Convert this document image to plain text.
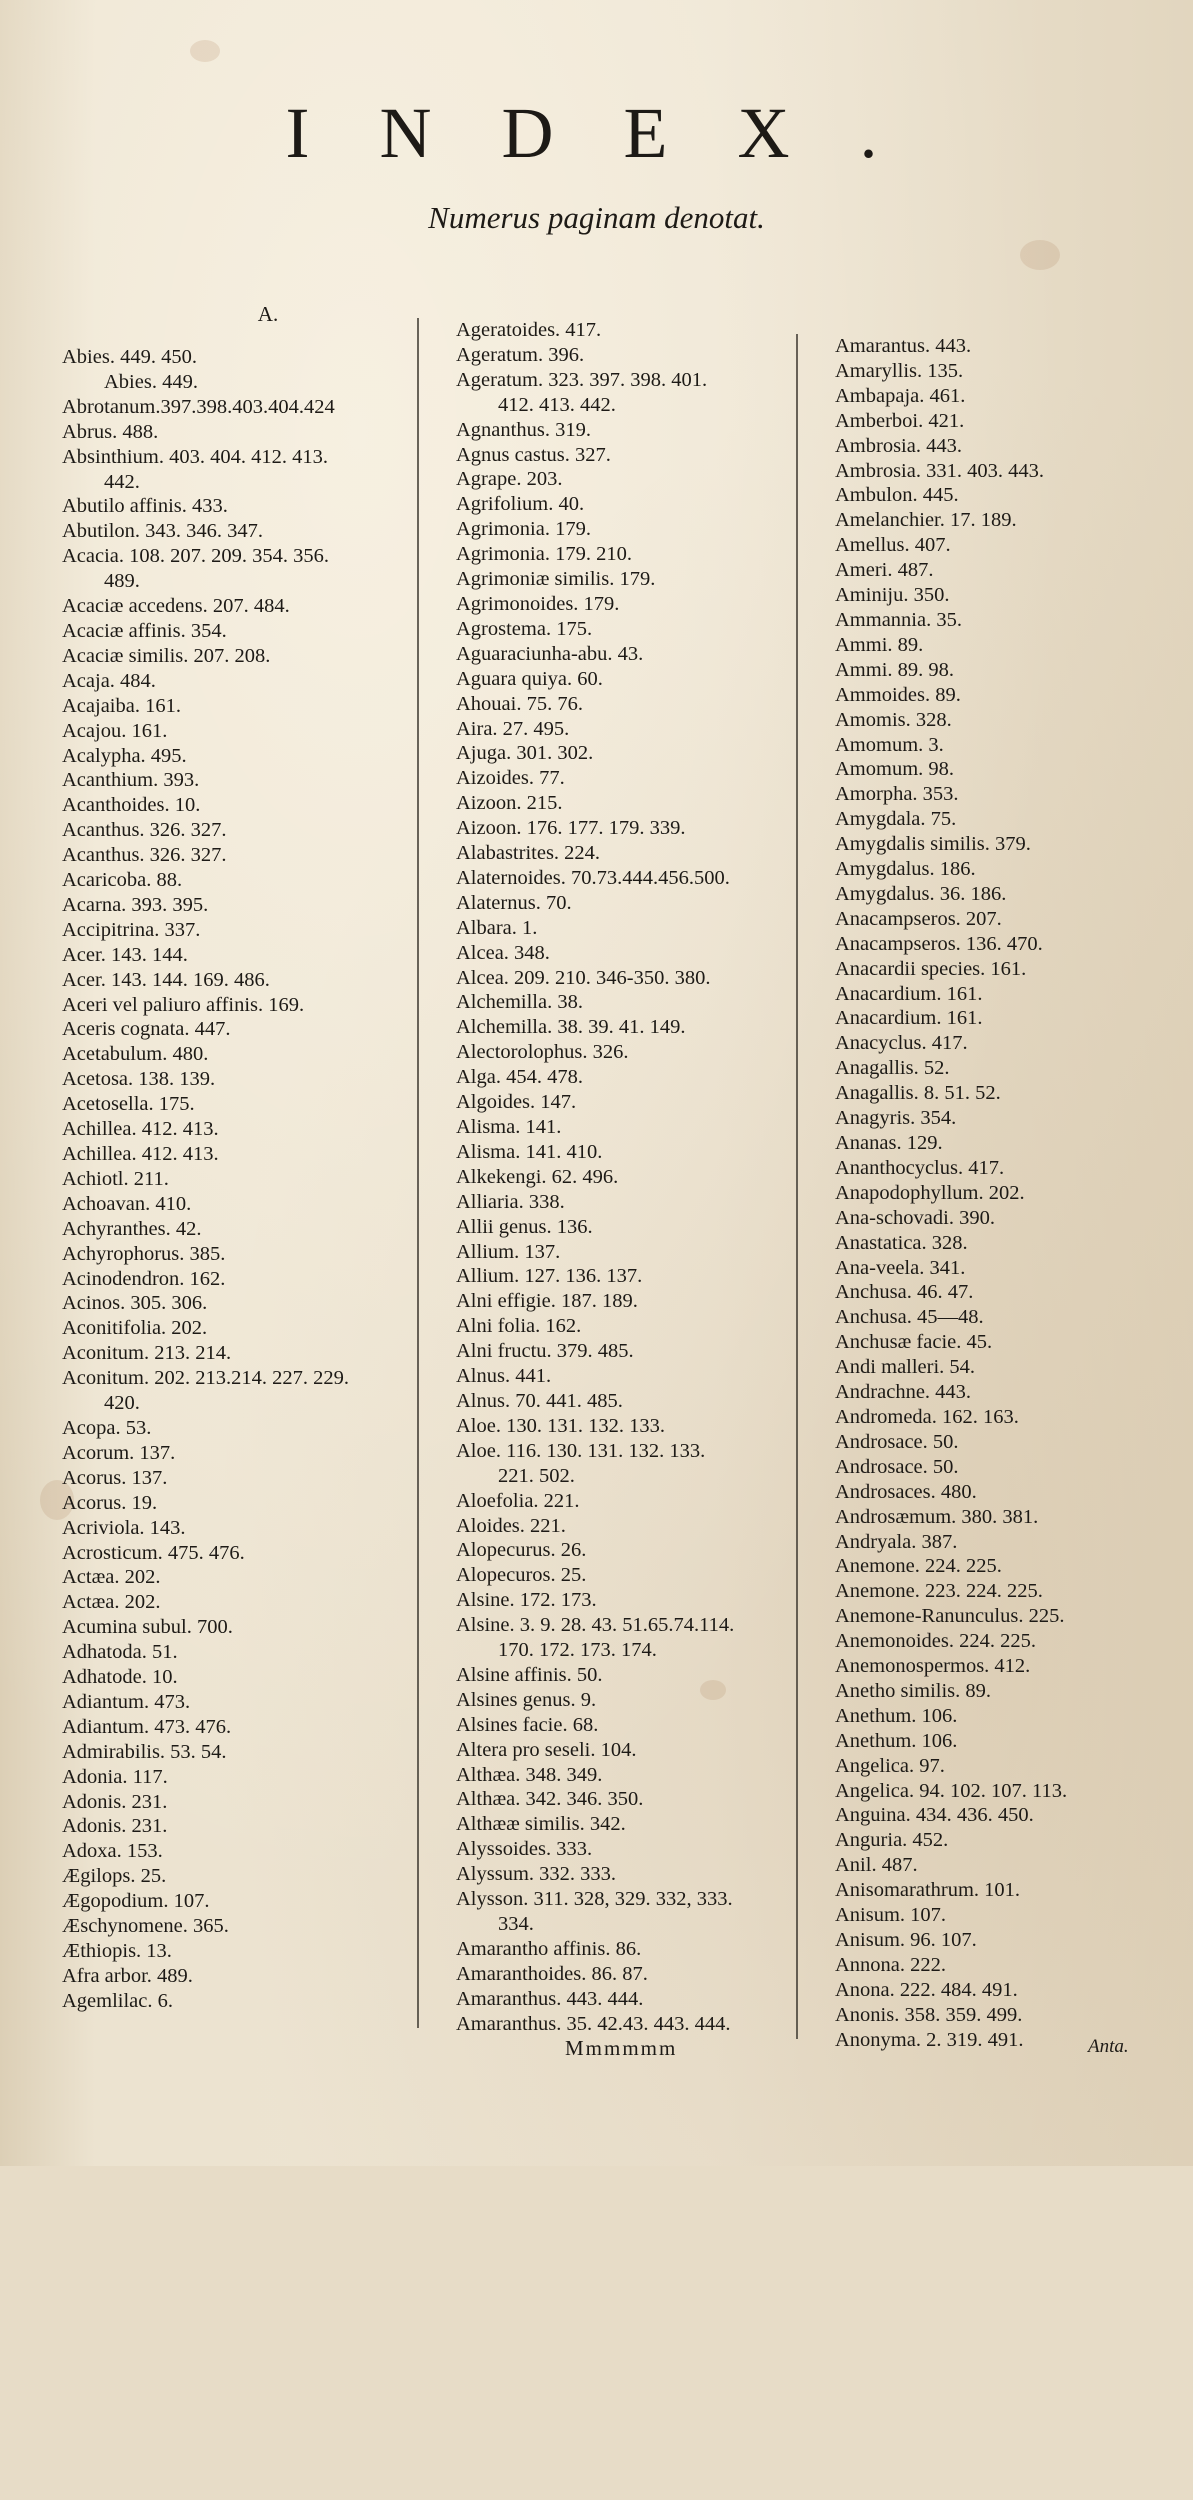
INDEX.

Numerus paginam denotat.

A.

Abies. 449. 450.
Abies. 449.
Abrotanum.397.398.403.404.424
Abrus. 488.
Absinthium. 403. 404. 412. 413.
442.
Abutilo affinis. 433.
Abutilon. 343. 346. 347.
Acacia. 108. 207. 209. 354. 356.
489.
Acaciæ accedens. 207. 484.
Acaciæ affinis. 354.
Acaciæ similis. 207. 208.
Acaja. 484.
Acajaiba. 161.
Acajou. 161.
Acalypha. 495.
Acanthium. 393.
Acanthoides. 10.
Acanthus. 326. 327.
Acanthus. 326. 327.
Acaricoba. 88.
Acarna. 393. 395.
Accipitrina. 337.
Acer. 143. 144.
Acer. 143. 144. 169. 486.
Aceri vel paliuro affinis. 169.
Aceris cognata. 447.
Acetabulum. 480.
Acetosa. 138. 139.
Acetosella. 175.
Achillea. 412. 413.
Achillea. 412. 413.
Achiotl. 211.
Achoavan. 410.
Achyranthes. 42.
Achyrophorus. 385.
Acinodendron. 162.
Acinos. 305. 306.
Aconitifolia. 202.
Aconitum. 213. 214.
Aconitum. 202. 213.214. 227. 229.
420.
Acopa. 53.
Acorum. 137.
Acorus. 137.
Acorus. 19.
Acriviola. 143.
Acrosticum. 475. 476.
Actæa. 202.
Actæa. 202.
Acumina subul. 700.
Adhatoda. 51.
Adhatode. 10.
Adiantum. 473.
Adiantum. 473. 476.
Admirabilis. 53. 54.
Adonia. 117.
Adonis. 231.
Adonis. 231.
Adoxa. 153.
Ægilops. 25.
Ægopodium. 107.
Æschynomene. 365.
Æthiopis. 13.
Afra arbor. 489.
Agemlilac. 6.
Ageratoides. 417.
Ageratum. 396.
Ageratum. 323. 397. 398. 401.
412. 413. 442.
Agnanthus. 319.
Agnus castus. 327.
Agrape. 203.
Agrifolium. 40.
Agrimonia. 179.
Agrimonia. 179. 210.
Agrimoniæ similis. 179.
Agrimonoides. 179.
Agrostema. 175.
Aguaraciunha-abu. 43.
Aguara quiya. 60.
Ahouai. 75. 76.
Aira. 27. 495.
Ajuga. 301. 302.
Aizoides. 77.
Aizoon. 215.
Aizoon. 176. 177. 179. 339.
Alabastrites. 224.
Alaternoides. 70.73.444.456.500.
Alaternus. 70.
Albara. 1.
Alcea. 348.
Alcea. 209. 210. 346-350. 380.
Alchemilla. 38.
Alchemilla. 38. 39. 41. 149.
Alectorolophus. 326.
Alga. 454. 478.
Algoides. 147.
Alisma. 141.
Alisma. 141. 410.
Alkekengi. 62. 496.
Alliaria. 338.
Allii genus. 136.
Allium. 137.
Allium. 127. 136. 137.
Alni effigie. 187. 189.
Alni folia. 162.
Alni fructu. 379. 485.
Alnus. 441.
Alnus. 70. 441. 485.
Aloe. 130. 131. 132. 133.
Aloe. 116. 130. 131. 132. 133.
221. 502.
Aloefolia. 221.
Aloides. 221.
Alopecurus. 26.
Alopecuros. 25.
Alsine. 172. 173.
Alsine. 3. 9. 28. 43. 51.65.74.114.
170. 172. 173. 174.
Alsine affinis. 50.
Alsines genus. 9.
Alsines facie. 68.
Altera pro seseli. 104.
Althæa. 348. 349.
Althæa. 342. 346. 350.
Althææ similis. 342.
Alyssoides. 333.
Alyssum. 332. 333.
Alysson. 311. 328, 329. 332, 333.
334.
Amarantho affinis. 86.
Amaranthoides. 86. 87.
Amaranthus. 443. 444.
Amaranthus. 35. 42.43. 443. 444.
Amarantus. 443.
Amaryllis. 135.
Ambapaja. 461.
Amberboi. 421.
Ambrosia. 443.
Ambrosia. 331. 403. 443.
Ambulon. 445.
Amelanchier. 17. 189.
Amellus. 407.
Ameri. 487.
Aminiju. 350.
Ammannia. 35.
Ammi. 89.
Ammi. 89. 98.
Ammoides. 89.
Amomis. 328.
Amomum. 3.
Amomum. 98.
Amorpha. 353.
Amygdala. 75.
Amygdalis similis. 379.
Amygdalus. 186.
Amygdalus. 36. 186.
Anacampseros. 207.
Anacampseros. 136. 470.
Anacardii species. 161.
Anacardium. 161.
Anacardium. 161.
Anacyclus. 417.
Anagallis. 52.
Anagallis. 8. 51. 52.
Anagyris. 354.
Ananas. 129.
Ananthocyclus. 417.
Anapodophyllum. 202.
Ana-schovadi. 390.
Anastatica. 328.
Ana-veela. 341.
Anchusa. 46. 47.
Anchusa. 45—48.
Anchusæ facie. 45.
Andi malleri. 54.
Andrachne. 443.
Andromeda. 162. 163.
Androsace. 50.
Androsace. 50.
Androsaces. 480.
Androsæmum. 380. 381.
Andryala. 387.
Anemone. 224. 225.
Anemone. 223. 224. 225.
Anemone-Ranunculus. 225.
Anemonoides. 224. 225.
Anemonospermos. 412.
Anetho similis. 89.
Anethum. 106.
Anethum. 106.
Angelica. 97.
Angelica. 94. 102. 107. 113.
Anguina. 434. 436. 450.
Anguria. 452.
Anil. 487.
Anisomarathrum. 101.
Anisum. 107.
Anisum. 96. 107.
Annona. 222.
Anona. 222. 484. 491.
Anonis. 358. 359. 499.
Anonyma. 2. 319. 491.
Mmmmmm	Anta.
